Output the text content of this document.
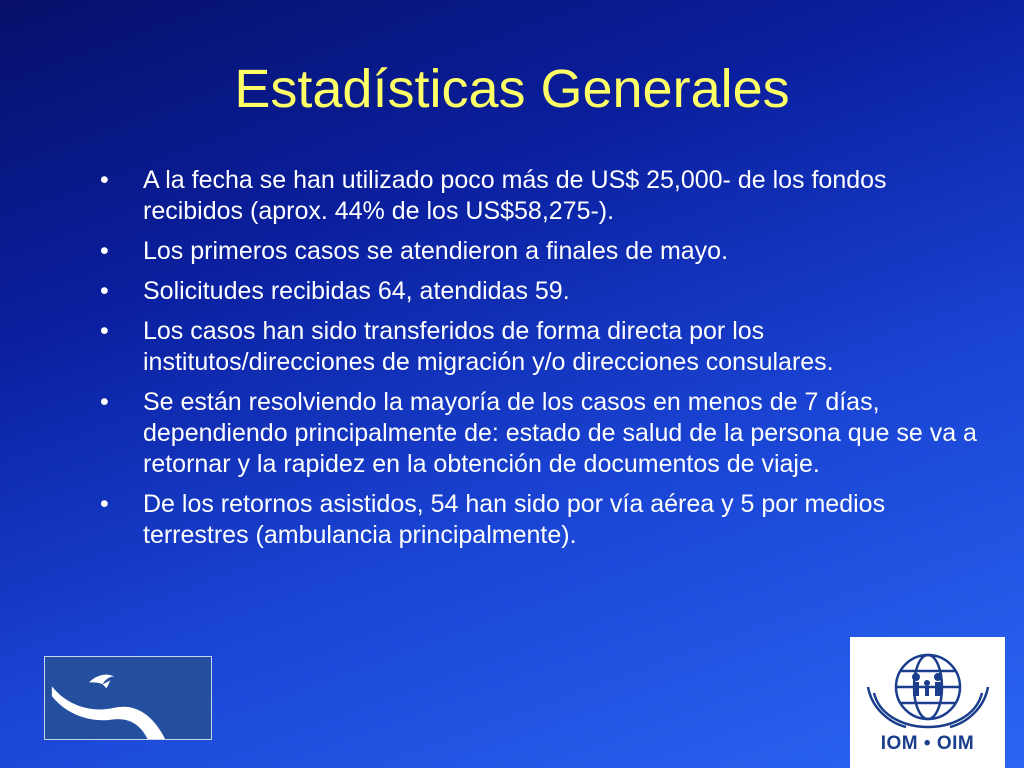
Estadísticas Generales
•	A la fecha se han utilizado poco más de US$ 25,000- de los fondos recibidos (aprox. 44% de los US$58,275-).
•	Los primeros casos se atendieron a finales de mayo.
•	Solicitudes recibidas 64, atendidas 59.
•	Los casos han sido transferidos de forma directa por los institutos/direcciones de migración y/o direcciones consulares.
•	Se están resolviendo la mayoría de los casos en menos de 7 días, dependiendo principalmente de: estado de salud de la persona que se va a retornar y la rapidez en la obtención de documentos de viaje.
•	De los retornos asistidos, 54 han sido por vía aérea y 5 por medios terrestres (ambulancia principalmente).
IOM • OIM
